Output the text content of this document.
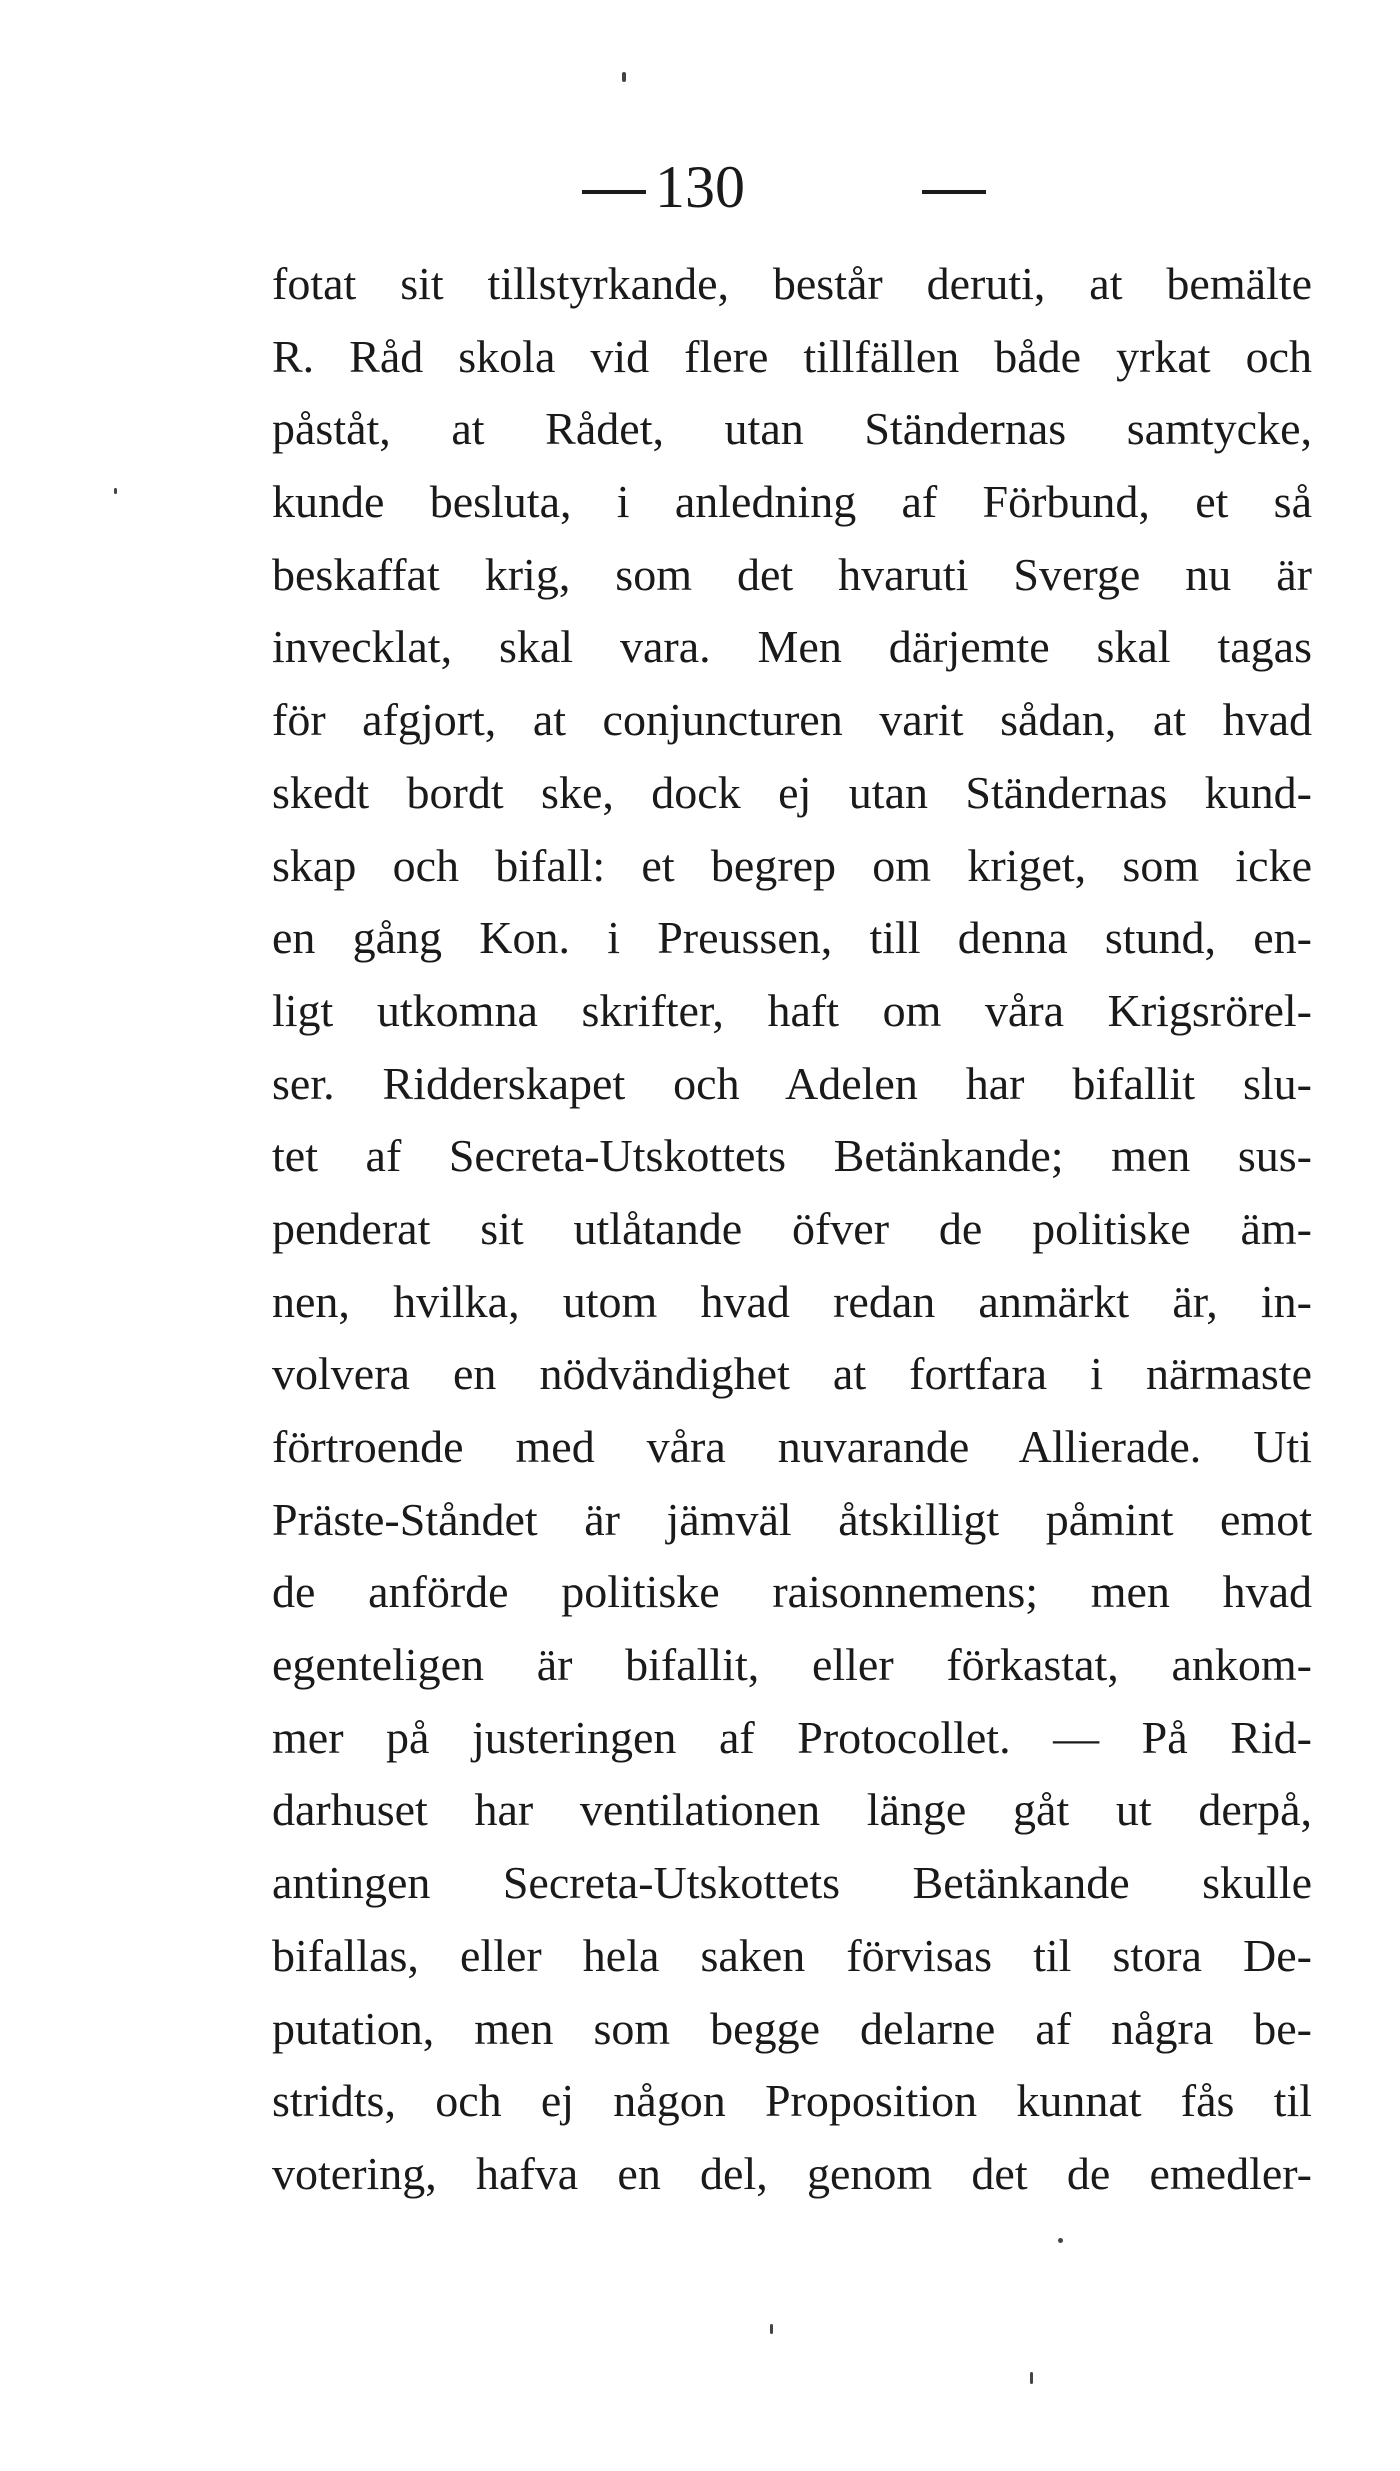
130
fotat sit tillstyrkande, består deruti, at bemälte
R. Råd skola vid flere tillfällen både yrkat och
påståt, at Rådet, utan Ständernas samtycke,
kunde besluta, i anledning af Förbund, et så
beskaffat krig, som det hvaruti Sverge nu är
invecklat, skal vara. Men därjemte skal tagas
för afgjort, at conjuncturen varit sådan, at hvad
skedt bordt ske, dock ej utan Ständernas kund-
skap och bifall: et begrep om kriget, som icke
en gång Kon. i Preussen, till denna stund, en-
ligt utkomna skrifter, haft om våra Krigsrörel-
ser. Ridderskapet och Adelen har bifallit slu-
tet af Secreta-Utskottets Betänkande; men sus-
penderat sit utlåtande öfver de politiske äm-
nen, hvilka, utom hvad redan anmärkt är, in-
volvera en nödvändighet at fortfara i närmaste
förtroende med våra nuvarande Allierade. Uti
Präste-Ståndet är jämväl åtskilligt påmint emot
de anförde politiske raisonnemens; men hvad
egenteligen är bifallit, eller förkastat, ankom-
mer på justeringen af Protocollet. — På Rid-
darhuset har ventilationen länge gåt ut derpå,
antingen Secreta-Utskottets Betänkande skulle
bifallas, eller hela saken förvisas til stora De-
putation, men som begge delarne af några be-
stridts, och ej någon Proposition kunnat fås til
votering, hafva en del, genom det de emedler-
